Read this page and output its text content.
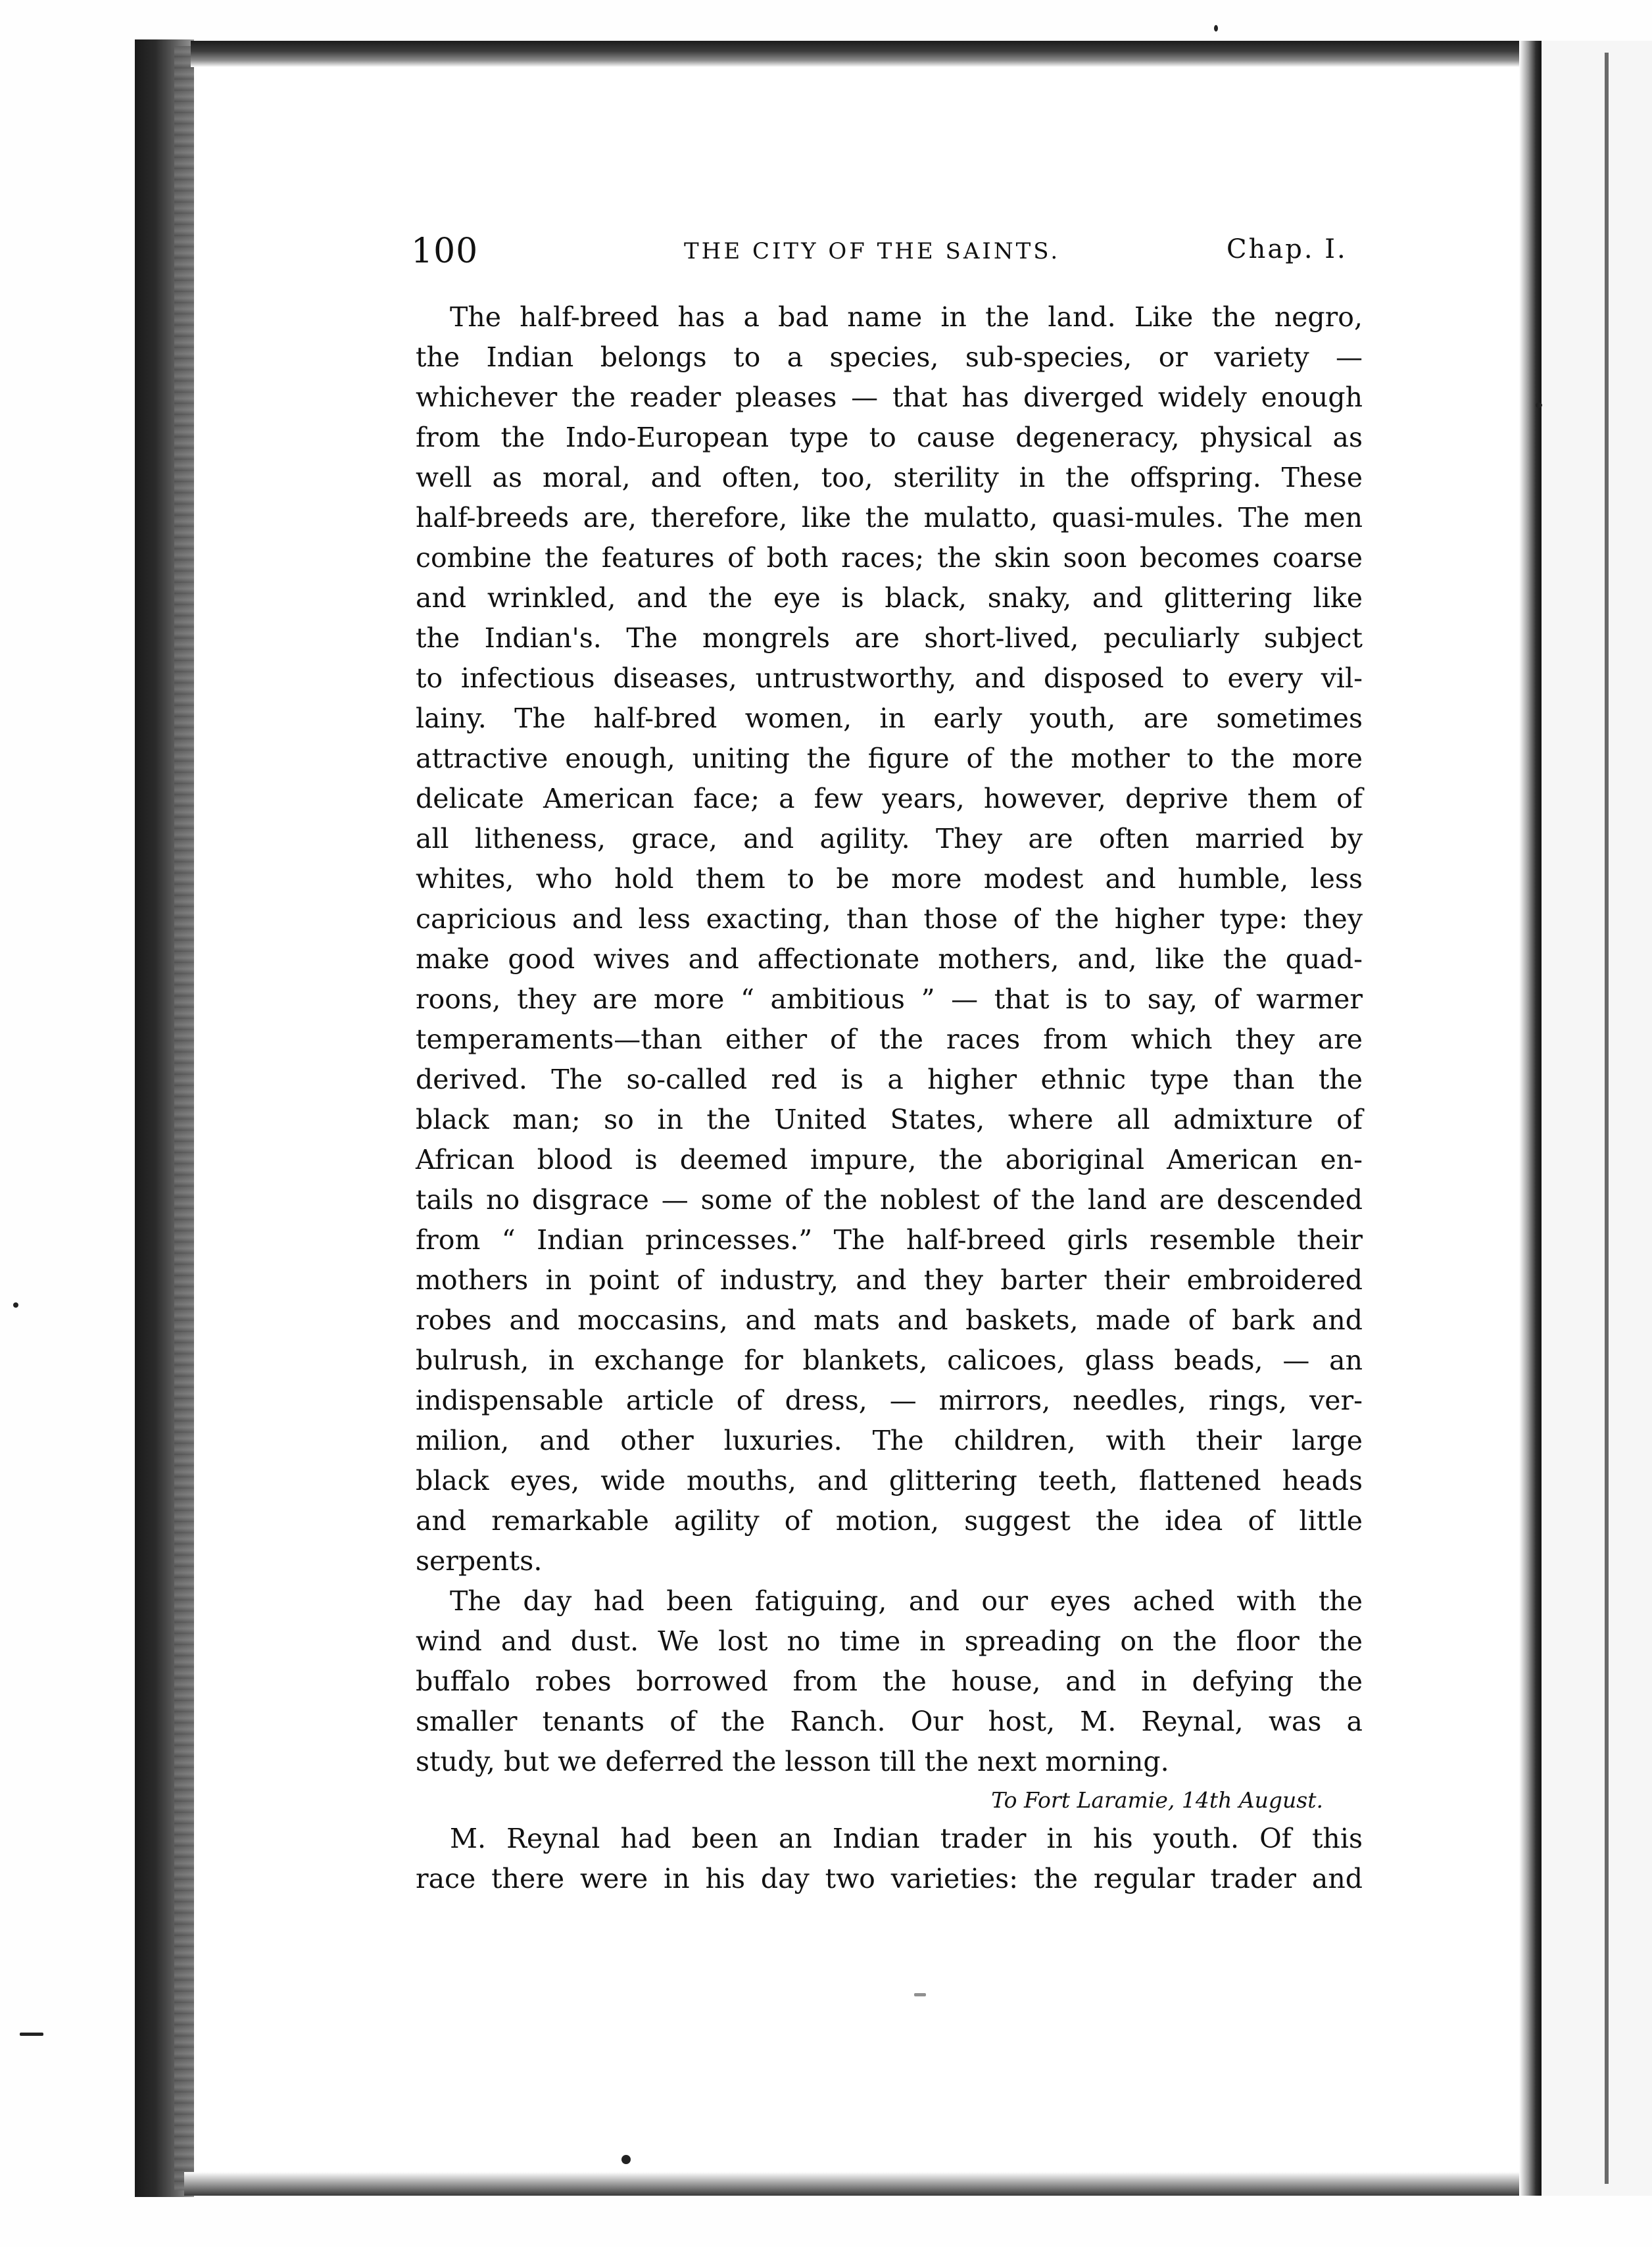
100	THE CITY OF THE SAINTS.	Chap. I.
The half-breed has a bad name in the land. Like the negro,
the Indian belongs to a species, sub-species, or variety —
whichever the reader pleases — that has diverged widely enough
from the Indo-European type to cause degeneracy, physical as
well as moral, and often, too, sterility in the offspring. These
half-breeds are, therefore, like the mulatto, quasi-mules. The men
combine the features of both races; the skin soon becomes coarse
and wrinkled, and the eye is black, snaky, and glittering like
the Indian's. The mongrels are short-lived, peculiarly subject
to infectious diseases, untrustworthy, and disposed to every vil-
lainy. The half-bred women, in early youth, are sometimes
attractive enough, uniting the figure of the mother to the more
delicate American face; a few years, however, deprive them of
all litheness, grace, and agility. They are often married by
whites, who hold them to be more modest and humble, less
capricious and less exacting, than those of the higher type: they
make good wives and affectionate mothers, and, like the quad-
roons, they are more “ ambitious ” — that is to say, of warmer
temperaments—than either of the races from which they are
derived. The so-called red is a higher ethnic type than the
black man; so in the United States, where all admixture of
African blood is deemed impure, the aboriginal American en-
tails no disgrace — some of the noblest of the land are descended
from “ Indian princesses.” The half-breed girls resemble their
mothers in point of industry, and they barter their embroidered
robes and moccasins, and mats and baskets, made of bark and
bulrush, in exchange for blankets, calicoes, glass beads, — an
indispensable article of dress, — mirrors, needles, rings, ver-
milion, and other luxuries. The children, with their large
black eyes, wide mouths, and glittering teeth, flattened heads
and remarkable agility of motion, suggest the idea of little
serpents.
The day had been fatiguing, and our eyes ached with the
wind and dust. We lost no time in spreading on the floor the
buffalo robes borrowed from the house, and in defying the
smaller tenants of the Ranch. Our host, M. Reynal, was a
study, but we deferred the lesson till the next morning.
To Fort Laramie, 14th August.
M. Reynal had been an Indian trader in his youth. Of this
race there were in his day two varieties: the regular trader and
